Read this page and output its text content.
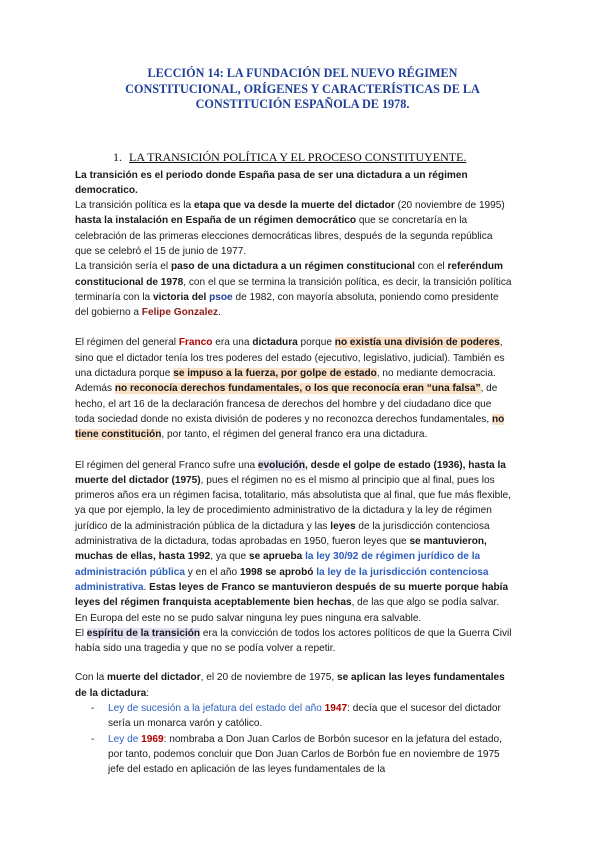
LECCIÓN 14: LA FUNDACIÓN DEL NUEVO RÉGIMEN
CONSTITUCIONAL, ORÍGENES Y CARACTERÍSTICAS DE LA
CONSTITUCIÓN ESPAÑOLA DE 1978.
1. LA TRANSICIÓN POLÍTICA Y EL PROCESO CONSTITUYENTE.

La transición es el periodo donde España pasa de ser una dictadura a un régimen democratico.

La transición política es la etapa que va desde la muerte del dictador (20 noviembre de 1995) hasta la instalación en España de un régimen democrático que se concretaría en la celebración de las primeras elecciones democráticas libres, después de la segunda república que se celebró el 15 de junio de 1977.

La transición sería el paso de una dictadura a un régimen constitucional con el referéndum constitucional de 1978, con el que se termina la transición política, es decir, la transición política terminaría con la victoria del psoe de 1982, con mayoría absoluta, poniendo como presidente del gobierno a Felipe Gonzalez.

El régimen del general Franco era una dictadura porque no existía una división de poderes, sino que el dictador tenía los tres poderes del estado (ejecutivo, legislativo, judicial). También es una dictadura porque se impuso a la fuerza, por golpe de estado, no mediante democracia. Además no reconocía derechos fundamentales, o los que reconocía eran “una falsa”, de hecho, el art 16 de la declaración francesa de derechos del hombre y del ciudadano dice que toda sociedad donde no exista división de poderes y no reconozca derechos fundamentales, no tiene constitución, por tanto, el régimen del general franco era una dictadura.

El régimen del general Franco sufre una evolución, desde el golpe de estado (1936), hasta la muerte del dictador (1975), pues el régimen no es el mismo al principio que al final, pues los primeros años era un régimen facisa, totalitario, más absolutista que al final, que fue más flexible, ya que por ejemplo, la ley de procedimiento administrativo de la dictadura y la ley de régimen jurídico de la administración pública de la dictadura y las leyes de la jurisdicción contenciosa administrativa de la dictadura, todas aprobadas en 1950, fueron leyes que se mantuvieron, muchas de ellas, hasta 1992, ya que se aprueba la ley 30/92 de régimen jurídico de la administración pública y en el año 1998 se aprobó la ley de la jurisdicción contenciosa administrativa. Estas leyes de Franco se mantuvieron después de su muerte porque había leyes del régimen franquista aceptablemente bien hechas, de las que algo se podía salvar.

En Europa del este no se pudo salvar ninguna ley pues ninguna era salvable.

El espíritu de la transición era la convicción de todos los actores políticos de que la Guerra Civil había sido una tragedia y que no se podía volver a repetir.

Con la muerte del dictador, el 20 de noviembre de 1975, se aplican las leyes fundamentales de la dictadura:

- Ley de sucesión a la jefatura del estado del año 1947: decía que el sucesor del dictador sería un monarca varón y católico.
- Ley de 1969: nombraba a Don Juan Carlos de Borbón sucesor en la jefatura del estado, por tanto, podemos concluir que Don Juan Carlos de Borbón fue en noviembre de 1975 jefe del estado en aplicación de las leyes fundamentales de la
